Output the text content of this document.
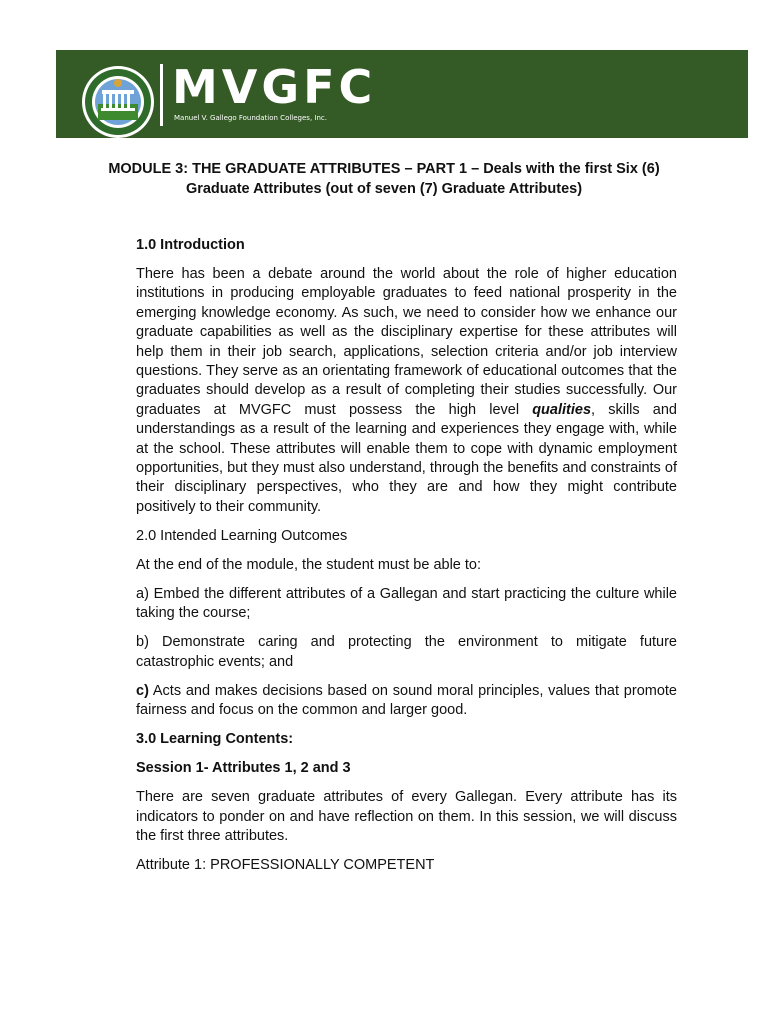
MVGFC
Manuel V. Gallego Foundation Colleges, Inc.
MODULE 3: THE GRADUATE ATTRIBUTES – PART 1 – Deals with the first Six (6)
Graduate Attributes (out of seven (7) Graduate Attributes)

1.0 Introduction

There has been a debate around the world about the role of higher education institutions in producing employable graduates to feed national prosperity in the emerging knowledge economy. As such, we need to consider how we enhance our graduate capabilities as well as the disciplinary expertise for these attributes will help them in their job search, applications, selection criteria and/or job interview questions. They serve as an orientating framework of educational outcomes that the graduates should develop as a result of completing their studies successfully. Our graduates at MVGFC must possess the high level qualities, skills and understandings as a result of the learning and experiences they engage with, while at the school. These attributes will enable them to cope with dynamic employment opportunities, but they must also understand, through the benefits and constraints of their disciplinary perspectives, who they are and how they might contribute positively to their community.

2.0 Intended Learning Outcomes

At the end of the module, the student must be able to:

a) Embed the different attributes of a Gallegan and start practicing the culture while taking the course;

b) Demonstrate caring and protecting the environment to mitigate future catastrophic events; and

c) Acts and makes decisions based on sound moral principles, values that promote fairness and focus on the common and larger good.

3.0 Learning Contents:

Session 1- Attributes 1, 2 and 3

There are seven graduate attributes of every Gallegan. Every attribute has its indicators to ponder on and have reflection on them. In this session, we will discuss the first three attributes.

Attribute 1: PROFESSIONALLY COMPETENT
